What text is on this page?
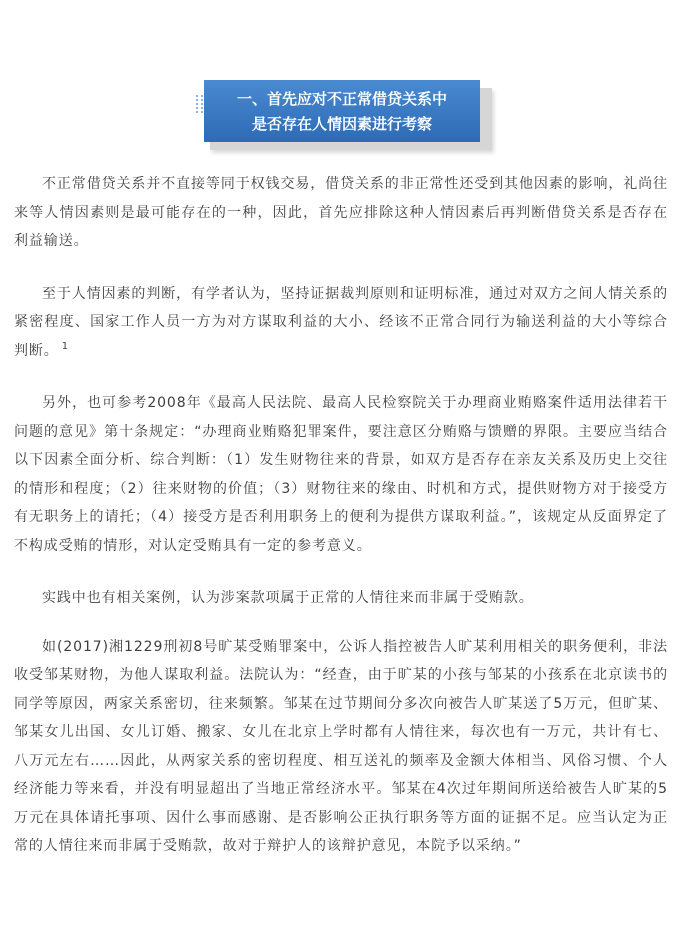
一、首先应对不正常借贷关系中
是否存在人情因素进行考察

不正常借贷关系并不直接等同于权钱交易，借贷关系的非正常性还受到其他因素的影响，礼尚往来等人情因素则是最可能存在的一种，因此，首先应排除这种人情因素后再判断借贷关系是否存在利益输送。

至于人情因素的判断，有学者认为，坚持证据裁判原则和证明标准，通过对双方之间人情关系的紧密程度、国家工作人员一方为对方谋取利益的大小、经该不正常合同行为输送利益的大小等综合判断。 $^1$

另外，也可参考2008年《最高人民法院、最高人民检察院关于办理商业贿赂案件适用法律若干问题的意见》第十条规定：“办理商业贿赂犯罪案件，要注意区分贿赂与馈赠的界限。主要应当结合以下因素全面分析、综合判断：（1）发生财物往来的背景，如双方是否存在亲友关系及历史上交往的情形和程度；（2）往来财物的价值；（3）财物往来的缘由、时机和方式，提供财物方对于接受方有无职务上的请托；（4）接受方是否利用职务上的便利为提供方谋取利益。”，该规定从反面界定了不构成受贿的情形，对认定受贿具有一定的参考意义。

实践中也有相关案例，认为涉案款项属于正常的人情往来而非属于受贿款。

如(2017)湘1229刑初8号旷某受贿罪案中，公诉人指控被告人旷某利用相关的职务便利，非法收受邹某财物，为他人谋取利益。法院认为：“经查，由于旷某的小孩与邹某的小孩系在北京读书的同学等原因，两家关系密切，往来频繁。邹某在过节期间分多次向被告人旷某送了5万元，但旷某、邹某女儿出国、女儿订婚、搬家、女儿在北京上学时都有人情往来，每次也有一万元，共计有七、八万元左右……因此，从两家关系的密切程度、相互送礼的频率及金额大体相当、风俗习惯、个人经济能力等来看，并没有明显超出了当地正常经济水平。邹某在4次过年期间所送给被告人旷某的5万元在具体请托事项、因什么事而感谢、是否影响公正执行职务等方面的证据不足。应当认定为正常的人情往来而非属于受贿款，故对于辩护人的该辩护意见，本院予以采纳。”
